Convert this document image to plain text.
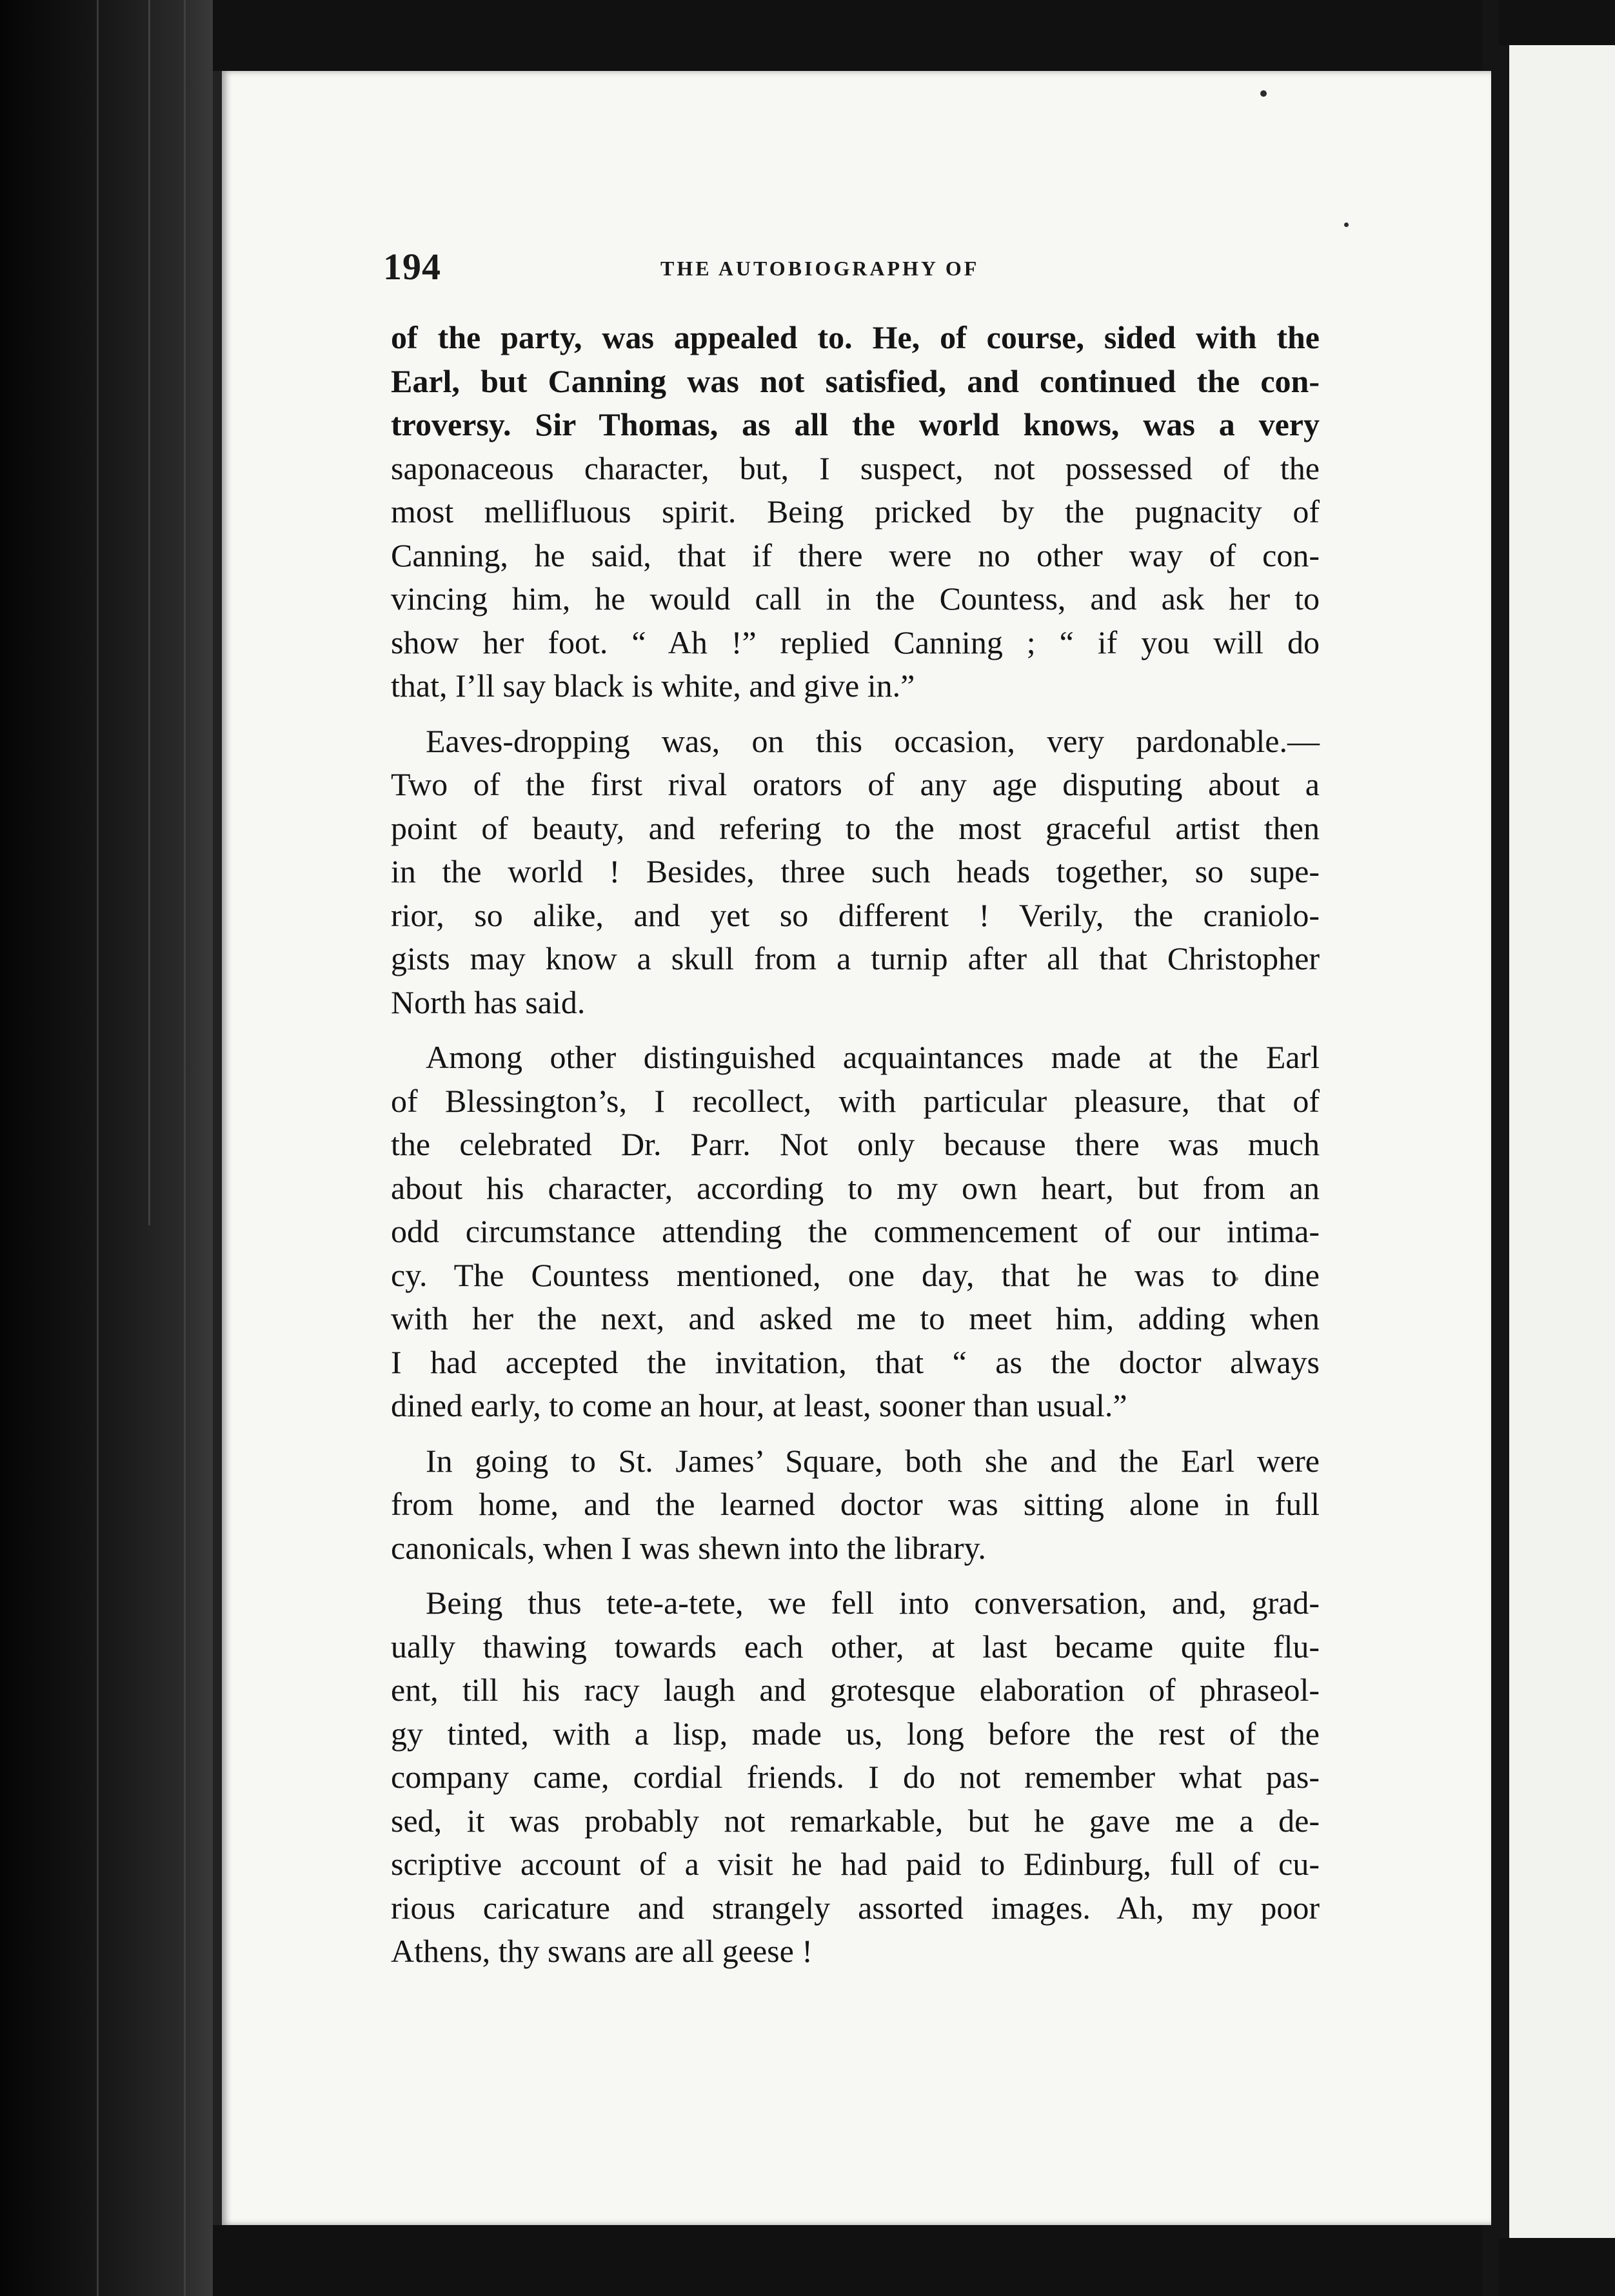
194	THE AUTOBIOGRAPHY OF
of the party, was appealed to. He, of course, sided with the
Earl, but Canning was not satisfied, and continued the con-
troversy. Sir Thomas, as all the world knows, was a very
saponaceous character, but, I suspect, not possessed of the
most mellifluous spirit. Being pricked by the pugnacity of
Canning, he said, that if there were no other way of con-
vincing him, he would call in the Countess, and ask her to
show her foot. “ Ah !” replied Canning ; “ if you will do
that, I’ll say black is white, and give in.”
Eaves-dropping was, on this occasion, very pardonable.—
Two of the first rival orators of any age disputing about a
point of beauty, and refering to the most graceful artist then
in the world ! Besides, three such heads together, so supe-
rior, so alike, and yet so different ! Verily, the craniolo-
gists may know a skull from a turnip after all that Christopher
North has said.
Among other distinguished acquaintances made at the Earl
of Blessington’s, I recollect, with particular pleasure, that of
the celebrated Dr. Parr. Not only because there was much
about his character, according to my own heart, but from an
odd circumstance attending the commencement of our intima-
cy. The Countess mentioned, one day, that he was to dine
with her the next, and asked me to meet him, adding when
I had accepted the invitation, that “ as the doctor always
dined early, to come an hour, at least, sooner than usual.”
In going to St. James’ Square, both she and the Earl were
from home, and the learned doctor was sitting alone in full
canonicals, when I was shewn into the library.
Being thus tete-a-tete, we fell into conversation, and, grad-
ually thawing towards each other, at last became quite flu-
ent, till his racy laugh and grotesque elaboration of phraseol-
gy tinted, with a lisp, made us, long before the rest of the
company came, cordial friends. I do not remember what pas-
sed, it was probably not remarkable, but he gave me a de-
scriptive account of a visit he had paid to Edinburg, full of cu-
rious caricature and strangely assorted images. Ah, my poor
Athens, thy swans are all geese !
